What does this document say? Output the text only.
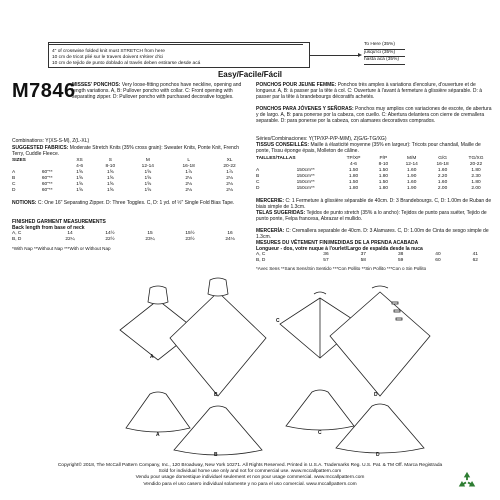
4" of crosswise folded knit must STRETCH from here
10 cm de tricot plié sur le travers doivent s'étirer d'ici
10 cm de tejido de punto doblado al través deben estirarse desde acá
To Here (35%)
jusqu'ici (35%)
hasta acá (35%)
Easy/Facile/Fácil
M7846
MISSES' PONCHOS: Very loose-fitting ponchos have neckline, opening and length variations. A, B: Pullover poncho with collar. C: Front opening with separating zipper. D: Pullover poncho with purchased decorative toggles.
Combinations: Y(XS-S-M), Z(L-XL)
SUGGESTED FABRICS: Moderate Stretch Knits (35% cross grain): Sweater Knits, Ponte Knit, French Terry, Cuddle Fleece.
SIZES		XS	S	M	L	XL
		4-6	8-10	12-14	16-18	20-22
A	60"**	1⅝	1⅝	1⅝	1⅞	1⅞
B	60"**	1⅝	1⅝	1⅝	2⅛	2⅛
C	60"**	1⅝	1⅝	1⅝	2⅛	2⅛
D	60"**	1⅝	1⅝	1⅝	2⅛	2⅛
NOTIONS: C: One 16" Separating Zipper. D: Three Toggles. C, D: 1 yd. of ½" Single Fold Bias Tape.
FINISHED GARMENT MEASUREMENTS
Back length from base of neck
A, C	14	14½	15	15½	16
B, D	22¼	22½	23¼	23½	24⅛
*With Nap **Without Nap ***With or Without Nap
PONCHOS POUR JEUNE FEMME: Ponchos très amples à variations d'encolure, d'ouverture et de longueur. A, B: à passer par la tête à col. C: Ouverture à l'avant à fermeture à glissière séparable. D: à passer par la tête à brandebourgs décoratifs achetés.
PONCHOS PARA JÓVENES Y SEÑORAS: Ponchos muy amplios con variaciones de escote, de abertura y de largo. A, B: para ponerse por la cabeza, con cuello. C: Abertura delantera con cierre de cremallera separable. D: para ponerse por la cabeza, con alamares decorativos comprados.
Séries/Combinaciones: Y(TP/XP-P/P-M/M), Z(G/G-TG/XG)
TISSUS CONSEILLÉS: Maille à élasticité moyenne (35% en largeur): Tricots pour chandail, Maille de ponte, Tissu éponge épais, Molleton de câline.
TAILLES/TALLAS		TP/XP	P/P	M/M	G/G	TG/XG
		4-6	8-10	12-14	16-18	20-22
A	150cm**	1.50	1.50	1.60	1.60	1.80
B	150cm**	1.80	1.80	1.90	2.20	2.30
C	150cm**	1.50	1.50	1.60	1.60	1.80
D	150cm**	1.80	1.80	1.90	2.00	2.00
MERCERIE: C: 1 Fermeture à glissière séparable de 40cm. D: 3 Brandebourgs. C, D: 1.00m de Ruban de biais simple de 1.3cm.
TELAS SUGERIDAS: Tejidos de punto stretch (35% a lo ancho): Tejidos de punto para suéter, Tejido de punto ponte, Felpa francesa, Abrazar el mullido.
MERCERÍA: C: Cremallera separable de 40cm. D: 3 Alamares. C, D: 1.00m de Cinta de sesgo simple de 1.3cm.
MESURES DU VÊTEMENT FINI/MEDIDAS DE LA PRENDA ACABADA
Longueur - dos, votre nuque à l'ourlet/Largo de espalda desde la nuca
A, C	36	37	38	40	41
B, D	57	58	59	60	62
*Avec Sens **Sans Sens/Sin Sentido ***Con Pollito **Sin Pollito ***Con o Sin Pollito
A
B
C
D
A
B
C
D
Copyright© 2018, The McCall Pattern Company, Inc., 120 Broadway, New York 10271. All Rights Reserved. Printed in U.S.A. Trademarks Reg. U.S. Pat. & TM Off. Marca Registrada
Sold for individual home use only and not for commercial use. www.mccallpattern.com
Vendu pour usage domestique individuel seulement et non pour usage commercial. www.mccallpattern.com
Vendido para el uso casero individual solamente y no para el uso comercial. www.mccallpattern.com
